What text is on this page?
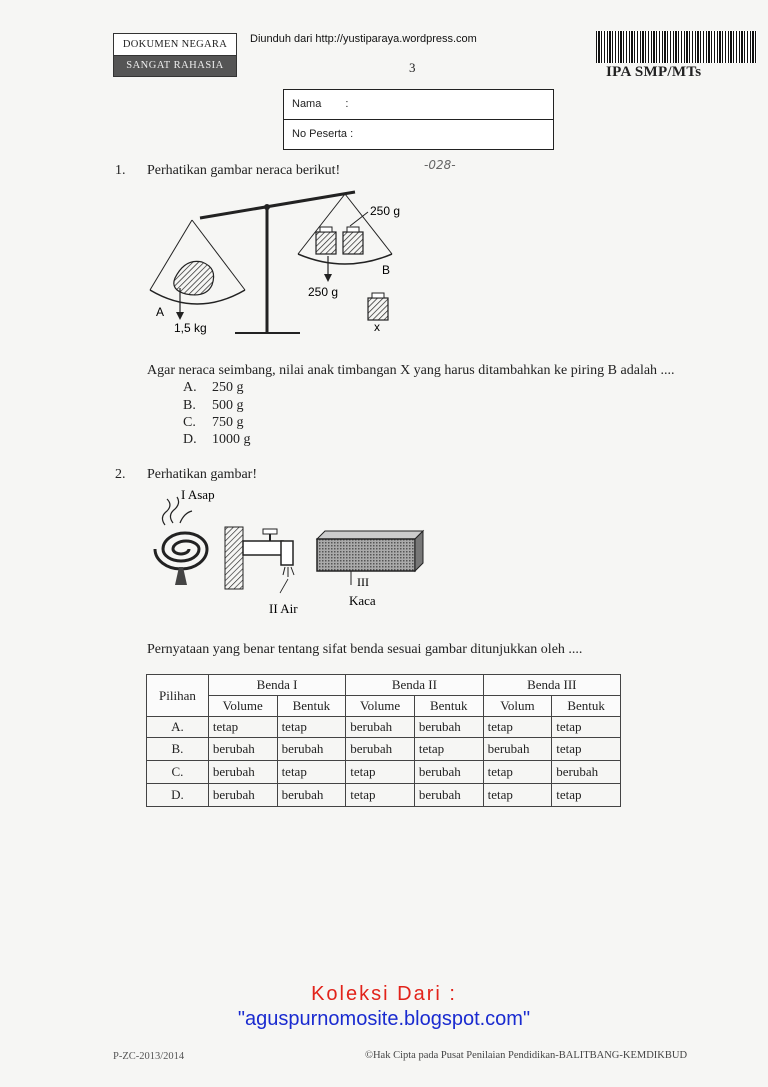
DOKUMEN NEGARA
SANGAT RAHASIA
Diunduh dari http://yustiparaya.wordpress.com
3	IPA SMP/MTs
Nama :
No Peserta :
-028-
1. Perhatikan gambar neraca berikut!
250 g
B
250 g
A
1,5 kg	x
Agar neraca seimbang, nilai anak timbangan X yang harus ditambahkan ke piring B adalah ....
A. 250 g
B. 500 g
C. 750 g
D. 1000 g
2. Perhatikan gambar!
I Asap
II Air
III
Kaca
Pernyataan yang benar tentang sifat benda sesuai gambar ditunjukkan oleh ....
Pilihan	Benda I		Benda II		Benda III	
	Volume	Bentuk	Volume	Bentuk	Volum	Bentuk
A.	tetap	tetap	berubah	berubah	tetap	tetap
B.	berubah	berubah	berubah	tetap	berubah	tetap
C.	berubah	tetap	tetap	berubah	tetap	berubah
D.	berubah	berubah	tetap	berubah	tetap	tetap
Koleksi Dari :
"aguspurnomosite.blogspot.com"
P-ZC-2013/2014	©Hak Cipta pada Pusat Penilaian Pendidikan-BALITBANG-KEMDIKBUD
